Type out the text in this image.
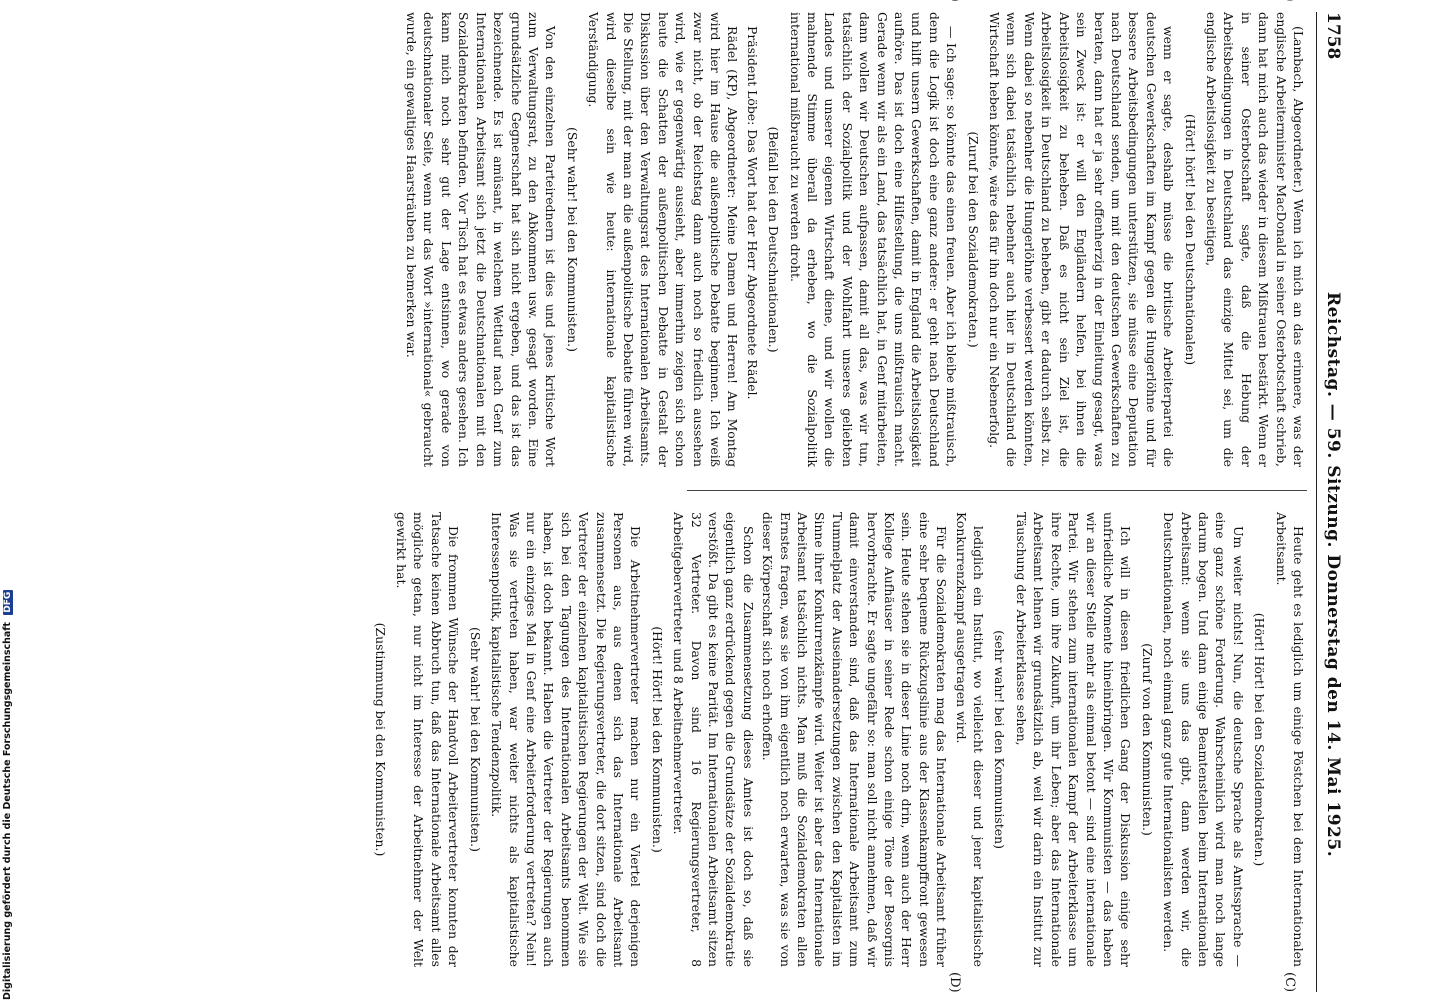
1758
Reichstag. — 59. Sitzung. Donnerstag den 14. Mai 1925.
(C)
(D)

(Lambach, Abgeordneter.) Wenn ich mich an das erinnere, was der englische Arbeiterminister MacDonald in seiner Osterbotschaft schrieb, dann hat mich auch das wieder in diesem Mißtrauen bestärkt. Wenn er in seiner Osterbotschaft sagte, daß die Hebung der Arbeitsbedingungen in Deutschland das einzige Mittel sei, um die englische Arbeitslosigkeit zu beseitigen,

(Hört! hört! bei den Deutschnationalen)

wenn er sagte, deshalb müsse die britische Arbeiterpartei die deutschen Gewerkschaften im Kampf gegen die Hungerlöhne und für bessere Arbeitsbedingungen unterstützen, sie müsse eine Deputation nach Deutschland senden, um mit den deutschen Gewerkschaften zu beraten, dann hat er ja sehr offenherzig in der Einleitung gesagt, was sein Zweck ist: er will den Engländern helfen, bei ihnen die Arbeitslosigkeit zu beheben. Daß es nicht sein Ziel ist, die Arbeitslosigkeit in Deutschland zu beheben, gibt er dadurch selbst zu. Wenn dabei so nebenher die Hungerlöhne verbessert werden könnten, wenn sich dabei tatsächlich nebenher auch hier in Deutschland die Wirtschaft heben könnte, wäre das für ihn doch nur ein Nebenerfolg.

(Zuruf bei den Sozialdemokraten.)

— Ich sage: so könnte das einen freuen. Aber ich bleibe mißtrauisch, denn die Logik ist doch eine ganz andere: er geht nach Deutschland und hilft unsern Gewerkschaften, damit in England die Arbeitslosigkeit aufhöre. Das ist doch eine Hilfestellung, die uns mißtrauisch macht. Gerade wenn wir als ein Land, das tatsächlich hat, in Genf mitarbeiten, dann wollen wir Deutschen aufpassen, damit all das, was wir tun, tatsächlich der Sozialpolitik und der Wohlfahrt unseres geliebten Landes und unserer eigenen Wirtschaft diene, und wir wollen die mahnende Stimme überall da erheben, wo die Sozialpolitik international mißbraucht zu werden droht.

(Beifall bei den Deutschnationalen.)

Präsident Löbe: Das Wort hat der Herr Abgeordnete Rädel.

Rädel (KP), Abgeordneter: Meine Damen und Herren! Am Montag wird hier im Hause die außenpolitische Debatte beginnen. Ich weiß zwar nicht, ob der Reichstag dann auch noch so friedlich aussehen wird, wie er gegenwärtig aussieht, aber immerhin zeigen sich schon heute die Schatten der außenpolitischen Debatte in Gestalt der Diskussion über den Verwaltungsrat des Internationalen Arbeitsamts. Die Stellung, mit der man an die außenpolitische Debatte führen wird, wird dieselbe sein wie heute: internationale kapitalistische Verständigung.

(Sehr wahr! bei den Kommunisten.)

Von den einzelnen Parteirednern ist dies und jenes kritische Wort zum Verwaltungsrat, zu den Abkommen usw. gesagt worden. Eine grundsätzliche Gegnerschaft hat sich nicht ergeben, und das ist das bezeichnende. Es ist amüsant, in welchem Wettlauf nach Genf zum Internationalen Arbeitsamt sich jetzt die Deutschnationalen mit den Sozialdemokraten befinden. Vor Tisch hat es etwas anders gesehen. Ich kann mich noch sehr gut der Lage entsinnen, wo gerade von deutschnationaler Seite, wenn nur das Wort »international« gebraucht wurde, ein gewaltiges Haarsträuben zu bemerken war.

Heute geht es lediglich um einige Pöstchen bei dem Internationalen Arbeitsamt.

(Hört! Hört! bei den Sozialdemokraten.)

Um weiter nichts! Nun, die deutsche Sprache als Amtssprache — eine ganz schöne Forderung. Wahrscheinlich wird man noch lange darum bogen. Und dann einige Beamtenstellen beim Internationalen Arbeitsamt: wenn sie uns das gibt, dann werden wir, die Deutschnationalen, noch einmal ganz gute Internationalisten werden.

(Zuruf von den Kommunisten.)

Ich will in diesen friedlichen Gang der Diskussion einige sehr unfriedliche Momente hineinbringen. Wir Kommunisten — das haben wir an dieser Stelle mehr als einmal betont — sind eine internationale Partei. Wir stehen zum internationalen Kampf der Arbeiterklasse um ihre Rechte, um ihre Zukunft, um ihr Leben; aber das Internationale Arbeitsamt lehnen wir grundsätzlich ab, weil wir darin ein Institut zur Täuschung der Arbeiterklasse sehen,

(sehr wahr! bei den Kommunisten)

lediglich ein Institut, wo vielleicht dieser und jener kapitalistische Konkurrenzkampf ausgetragen wird.

Für die Sozialdemokraten mag das Internationale Arbeitsamt früher eine sehr bequeme Rückzugslinie aus der Klassenkampffront gewesen sein. Heute stehen sie in dieser Linie noch drin, wenn auch der Herr Kollege Aufhäuser in seiner Rede schon einige Töne der Besorgnis hervorbrachte. Er sagte ungefähr so: man soll nicht annehmen, daß wir damit einverstanden sind, daß das Internationale Arbeitsamt zum Tummelplatz der Auseinandersetzungen zwischen den Kapitalisten im Sinne ihrer Konkurrenzkämpfe wird. Weiter ist aber das Internationale Arbeitsamt tatsächlich nichts. Man muß die Sozialdemokraten allen Ernstes fragen, was sie von ihm eigentlich noch erwarten, was sie von dieser Körperschaft sich noch erhoffen.

Schon die Zusammensetzung dieses Amtes ist doch so, daß sie eigentlich ganz erdrückend gegen die Grundsätze der Sozialdemokratie verstößt. Da gibt es keine Parität. Im Internationalen Arbeitsamt sitzen 32 Vertreter. Davon sind 16 Regierungsvertreter, 8 Arbeitgebervertreter und 8 Arbeitnehmervertreter.

(Hört! Hört! bei den Kommunisten.)

Die Arbeitnehmervertreter machen nur ein Viertel derjenigen Personen aus, aus denen sich das Internationale Arbeitsamt zusammensetzt. Die Regierungsvertreter, die dort sitzen, sind doch die Vertreter der einzelnen kapitalistischen Regierungen der Welt. Wie sie sich bei den Tagungen des Internationalen Arbeitsamts benommen haben, ist doch bekannt. Haben die Vertreter der Regierungen auch nur ein einziges Mal in Genf eine Arbeiterforderung vertreten? Nein! Was sie vertreten haben, war weiter nichts als kapitalistische Interessenpolitik, kapitalistische Tendenzpolitik.

(Sehr wahr! bei den Kommunisten.)

Die frommen Wünsche der Handvoll Arbeitervertreter konnten der Tatsache keinen Abbruch tun, daß das Internationale Arbeitsamt alles mögliche getan, nur nicht im Interesse der Arbeitnehmer der Welt gewirkt hat.

(Zustimmung bei den Kommunisten.)

Digitalisierung gefördert durch die Deutsche Forschungsgemeinschaft DFG
